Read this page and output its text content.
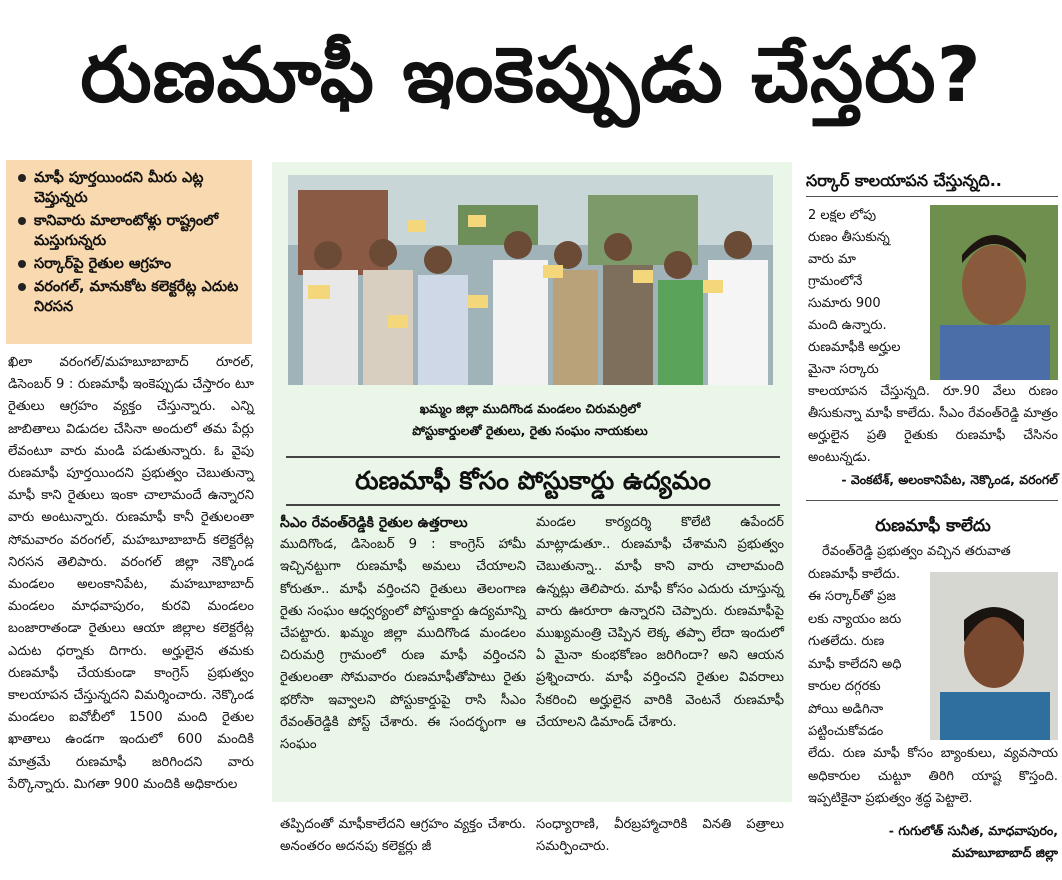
రుణమాఫీ ఇంకెప్పుడు చేస్తరు?
మాఫీ పూర్తయిందని మీరు ఎట్ల చెప్తున్నరు
కానివారు మాలాంటోళ్లు రాష్ట్రంలో మస్తుగున్నరు
సర్కార్‌పై రైతుల ఆగ్రహం
వరంగల్, మానుకోట కలెక్టరేట్ల ఎదుట నిరసన
ఖిలా వరంగల్/మహబూబాబాద్ రూరల్, డిసెంబర్ 9 : రుణమాఫీ ఇంకెప్పుడు చేస్తారం టూ రైతులు ఆగ్రహం వ్యక్తం చేస్తున్నారు. ఎన్ని జాబితాలు విడుదల చేసినా అందులో తమ పేర్లు లేవంటూ వారు మండి పడుతున్నారు. ఓ వైపు రుణమాఫీ పూర్తయిందని ప్రభుత్వం చెబుతున్నా మాఫీ కాని రైతులు ఇంకా చాలామందే ఉన్నారని వారు అంటున్నారు. రుణమాఫీ కానీ రైతులంతా సోమవారం వరంగల్, మహబూబాబాద్ కలెక్టరేట్ల నిరసన తెలిపారు. వరంగల్ జిల్లా నెక్కొండ మండలం అలంకానిపేట, మహబూబాబాద్ మండలం మాధవాపురం, కురవి మండలం బంజారాతండా రైతులు ఆయా జిల్లాల కలెక్టరేట్ల ఎదుట ధర్నాకు దిగారు. అర్హులైన తమకు రుణమాఫీ చేయకుండా కాంగ్రెస్ ప్రభుత్వం కాలయాపన చేస్తున్నదని విమర్శించారు. నెక్కొండ మండలం ఐవోబీలో 1500 మంది రైతుల ఖాతాలు ఉండగా ఇందులో 600 మందికి మాత్రమే రుణమాఫీ జరిగిందని వారు పేర్కొన్నారు. మిగతా 900 మందికి అధికారుల
ఖమ్మం జిల్లా ముదిగొండ మండలం చిరుమర్రిలో
పోస్టుకార్డులతో రైతులు, రైతు సంఘం నాయకులు
రుణమాఫీ కోసం పోస్టుకార్డు ఉద్యమం
సీఎం రేవంత్‌రెడ్డికి రైతుల ఉత్తరాలు
ముదిగొండ, డిసెంబర్ 9 : కాంగ్రెస్ హామీ ఇచ్చినట్టుగా రుణమాఫీ అమలు చేయాలని కోరుతూ.. మాఫీ వర్తించని రైతులు తెలంగాణ రైతు సంఘం ఆధ్వర్యంలో పోస్టుకార్డు ఉద్యమాన్ని చేపట్టారు. ఖమ్మం జిల్లా ముదిగొండ మండలం చిరుమర్రి గ్రామంలో రుణ మాఫీ వర్తించని రైతులంతా సోమవారం రుణమాఫీతోపాటు రైతు భరోసా ఇవ్వాలని పోస్టుకార్డుపై రాసి సీఎం రేవంత్‌రెడ్డికి పోస్ట్ చేశారు. ఈ సందర్భంగా ఆ సంఘం
తప్పిదంతో మాఫీకాలేదని ఆగ్రహం వ్యక్తం చేశారు. అనంతరం అదనపు కలెక్టర్లు జీ
మండల కార్యదర్శి కొలేటి ఉపేందర్ మాట్లాడుతూ.. రుణమాఫీ చేశామని ప్రభుత్వం చెబుతున్నా.. మాఫీ కాని వారు చాలామంది ఉన్నట్లు తెలిపారు. మాఫీ కోసం ఎదురు చూస్తున్న వారు ఊరూరా ఉన్నారని చెప్పారు. రుణమాఫీపై ముఖ్యమంత్రి చెప్పిన లెక్క తప్పా లేదా ఇందులో ఏ మైనా కుంభకోణం జరిగిందా? అని ఆయన ప్రశ్నించారు. మాఫీ వర్తించని రైతుల వివరాలు సేకరించి అర్హులైన వారికి వెంటనే రుణమాఫీ చేయాలని డిమాండ్ చేశారు.
సంధ్యారాణి, వీరబ్రహ్మాచారికి వినతి పత్రాలు సమర్పించారు.
సర్కార్ కాలయాపన చేస్తున్నది..
2 లక్షల లోపు
రుణం తీసుకున్న
వారు మా
గ్రామంలోనే
సుమారు 900
మంది ఉన్నారు.
రుణమాఫీకి అర్హుల
మైనా సర్కారు
కాలయాపన చేస్తున్నది. రూ.90 వేలు రుణం తీసుకున్నా మాఫీ కాలేదు. సీఎం రేవంత్‌రెడ్డి మాత్రం అర్హులైన ప్రతి రైతుకు రుణమాఫీ చేసినం అంటున్నడు.
- వెంకటేశ్, అలంకానిపేట, నెక్కొండ, వరంగల్
రుణమాఫీ కాలేదు
రేవంత్‌రెడ్డి ప్రభుత్వం వచ్చిన తరువాత
రుణమాఫీ కాలేదు.
ఈ సర్కార్‌తో ప్రజ
లకు న్యాయం జరు
గుతలేదు. రుణ
మాఫీ కాలేదని అధి
కారుల దగ్గరకు
పోయి అడిగినా
పట్టించుకోవడం
లేదు. రుణ మాఫీ కోసం బ్యాంకులు, వ్యవసాయ అధికారుల చుట్టూ తిరిగి యాష్ట కొస్తంది. ఇప్పటికైనా ప్రభుత్వం శ్రద్ధ పెట్టాలె.
- గుగులోత్ సునీత, మాధవాపురం,
మహబూబాబాద్ జిల్లా
